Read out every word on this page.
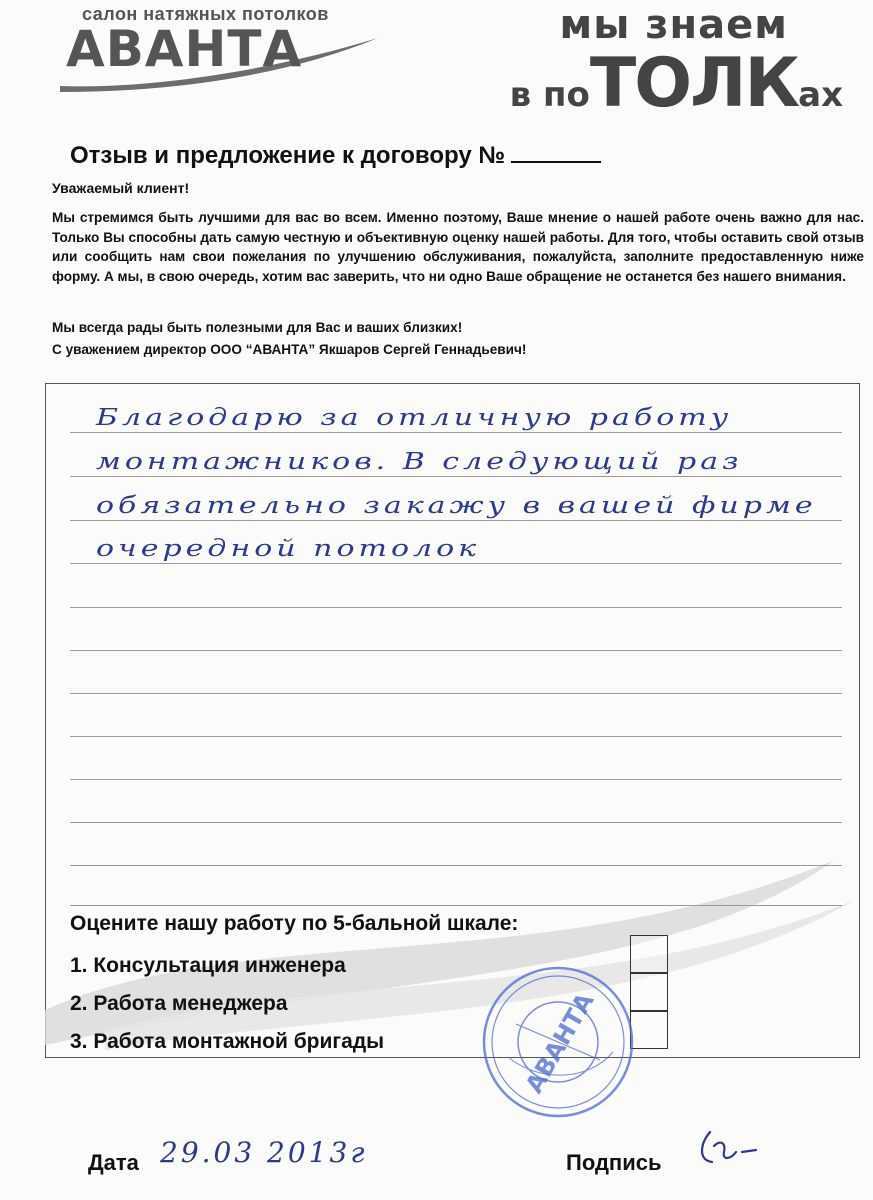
салон натяжных потолков
АВАНТА	мы знаем
в поТОЛКах
Отзыв и предложение к договору №
Уважаемый клиент!

Мы стремимся быть лучшими для вас во всем. Именно поэтому, Ваше мнение о нашей работе очень важно для нас. Только Вы способны дать самую честную и объективную оценку нашей работы. Для того, чтобы оставить свой отзыв или сообщить нам свои пожелания по улучшению обслуживания, пожалуйста, заполните предоставленную ниже форму. А мы, в свою очередь, хотим вас заверить, что ни одно Ваше обращение не останется без нашего внимания.

Мы всегда рады быть полезными для Вас и ваших близких!
С уважением директор ООО “АВАНТА” Якшаров Сергей Геннадьевич!
Благодарю за отличную работу
монтажников. В следующий раз
обязательно закажу в вашей фирме
очередной потолок
Оцените нашу работу по 5-бальной шкале:
1. Консультация инженера
2. Работа менеджера
3. Работа монтажной бригады	АВАНТА
Дата 29.03 2013г	Подпись
